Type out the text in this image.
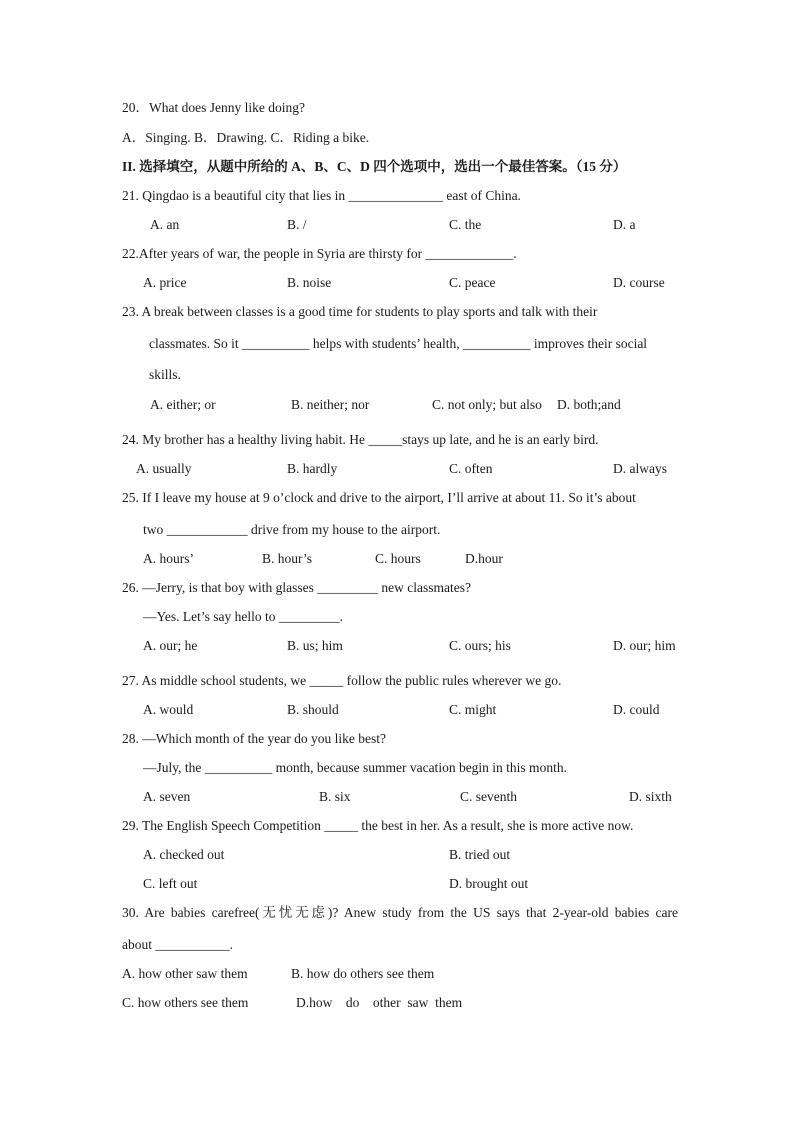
20．What does Jenny like doing?
A．Singing. B．Drawing. C．Riding a bike.
II. 选择填空，从题中所给的 A、B、C、D 四个选项中，选出一个最佳答案。（15 分）
21. Qingdao is a beautiful city that lies in ______________ east of China.
A. an	B. /	C. the	D. a
22.After years of war, the people in Syria are thirsty for _____________.
A. price	B. noise	C. peace	D. course
23. A break between classes is a good time for students to play sports and talk with their
classmates. So it __________ helps with students’ health, __________ improves their social
skills.
A. either; or	B. neither; nor	C. not only; but also D. both;and
24. My brother has a healthy living habit. He _____stays up late, and he is an early bird.
A. usually	B. hardly	C. often	D. always
25. If I leave my house at 9 o’clock and drive to the airport, I’ll arrive at about 11. So it’s about
two ____________ drive from my house to the airport.
A. hours’	B. hour’s	C. hours	D.hour
26. —Jerry, is that boy with glasses _________ new classmates?
—Yes. Let’s say hello to _________.
A. our; he	B. us; him	C. ours; his	D. our; him
27. As middle school students, we _____ follow the public rules wherever we go.
A. would	B. should	C. might	D. could
28. —Which month of the year do you like best?
—July, the __________ month, because summer vacation begin in this month.
A. seven	B. six	C. seventh	D. sixth
29. The English Speech Competition _____ the best in her. As a result, she is more active now.
A. checked out	B. tried out
C. left out	D. brought out
30. Are babies carefree(无忧无虑)? Anew study from the US says that 2-year-old babies care
about ___________.
A. how other saw them	B. how do others see them
C. how others see them	D.how    do    other  saw  them
